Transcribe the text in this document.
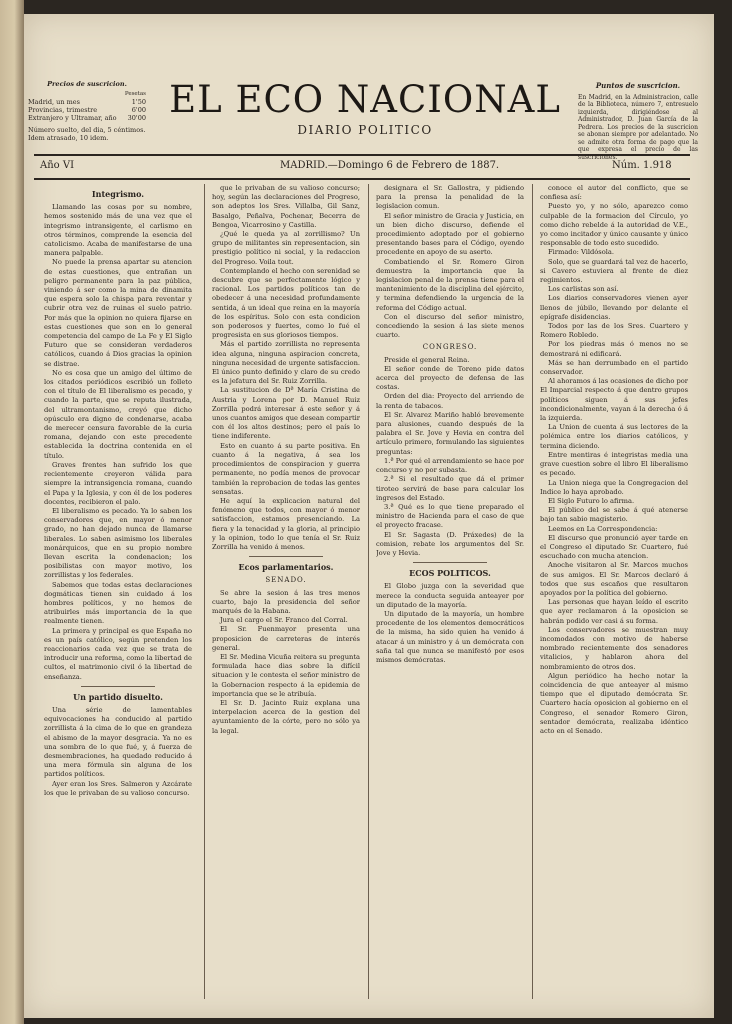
Precios de suscricion.
Pesetas
Madrid, un mes	1'50
Provincias, trimestre	6'00
Extranjero y Ultramar, año 30'00
Número suelto, del dia, 5 céntimos. Idem atrasado, 10 idem.
EL ECO NACIONAL
DIARIO POLITICO
Puntos de suscricion.
En Madrid, en la Administracion, calle de la Biblioteca, número 7, entresuelo izquierda, dirigiéndose al Administrador, D. Juan García de la Pedrera. Los precios de la suscricion se abonan siempre por adelantado. No se admite otra forma de pago que la que expresa el precio de las suscriciones.
Año VI	MADRID.—Domingo 6 de Febrero de 1887.	Núm. 1.918
Integrismo.

Llamando las cosas por su nombre, hemos sostenido más de una vez que el integrismo intransigente, el carlismo en otros términos, comprende la esencia del catolicismo. Acaba de manifestarse de una manera palpable.

No puede la prensa apartar su atencion de estas cuestiones, que entrañan un peligro permanente para la paz pública, viniendo á ser como la mina de dinamita que espera solo la chispa para reventar y cubrir otra vez de ruinas el suelo patrio. Por más que la opinion no quiera fijarse en estas cuestiones que son en lo general competencia del campo de La Fe y El Siglo Futuro que se consideran verdaderos católicos, cuando á Dios gracias la opinion se distrae.

No es cosa que un amigo del último de los citados periódicos escribió un folleto con el título de El liberalismo es pecado, y cuando la parte, que se reputa ilustrada, del ultramontanismo, creyó que dicho opúsculo era digno de condenarse, acaba de merecer censura favorable de la curia romana, dejando con este precedente establecida la doctrina contenida en el título.

Graves frentes han sufrido los que recientemente creyeron válida para siempre la intransigencia romana, cuando el Papa y la Iglesia, y con él de los poderes docentes, recibieron el palo.

El liberalismo es pecado. Ya lo saben los conservadores que, en mayor ó menor grado, no han dejado nunca de llamarse liberales. Lo saben asimismo los liberales monárquicos, que en su propio nombre llevan escrita la condenacion; los posibilistas con mayor motivo, los zorrillistas y los federales.

Sabemos que todas estas declaraciones dogmáticas tienen sin cuidado á los hombres políticos, y no hemos de atribuirles más importancia de la que realmente tienen.

La primera y principal es que España no es un país católico, según pretenden los reaccionarios cada vez que se trata de introducir una reforma, como la libertad de cultos, el matrimonio civil ó la libertad de enseñanza.

Un partido disuelto.

Una série de lamentables equivocaciones ha conducido al partido zorrillista á la cima de lo que en grandeza el abismo de la mayor desgracia. Ya no es una sombra de lo que fué, y, á fuerza de desmembraciones, ha quedado reducido á una mera fórmula sin alguna de los partidos políticos.

Ayer eran los Sres. Salmeron y Azcárate los que le privaban de su valioso concurso.

que le privaban de su valioso concurso; hoy, según las declaraciones del Progreso, son adeptos los Sres. Villalba, Gil Sanz, Basalgo, Peñalva, Pochenar, Becerra de Bengoa, Vicarrosino y Castilla.

¿Qué le queda ya al zorrillismo? Un grupo de militantes sin representacion, sin prestigio político ni social, y la redaccion del Progreso. Voila tout.

Contemplando el hecho con serenidad se descubre que se perfectamente lógico y racional. Los partidos políticos tan de obedecer á una necesidad profundamente sentida, á un ideal que reina en la mayoría de los espíritus. Solo con esta condicion son poderosos y fuertes, como lo fué el progresista en sus gloriosos tiempos.

Más el partido zorrillista no representa idea alguna, ninguna aspiracion concreta, ninguna necesidad de urgente satisfaccion. El único punto definido y claro de su credo es la jefatura del Sr. Ruiz Zorrilla.

La sustitucion de Dª María Cristina de Austria y Lorena por D. Manuel Ruiz Zorrilla podrá interesar á este señor y á unos cuantos amigos que desean compartir con él los altos destinos; pero el país lo tiene indiferente.

Esto en cuanto á su parte positiva. En cuanto á la negativa, á sea los procedimientos de conspiracion y guerra permanente, no podía menos de provocar también la reprobacion de todas las gentes sensatas.

He aquí la explicacion natural del fenómeno que todos, con mayor ó menor satisfaccion, estamos presenciando. La fiera y la tenacidad y la gloria, al principio y la opinion, todo lo que tenía el Sr. Ruiz Zorrilla ha venido á menos.

Ecos parlamentarios.
SENADO.

Se abre la sesion á las tres menos cuarto, bajo la presidencia del señor marqués de la Habana.

Jura el cargo el Sr. Franco del Corral.

El Sr. Fuenmayor presenta una proposicion de carreteras de interés general.

El Sr. Medina Vicuña reitera su pregunta formulada hace dias sobre la difícil situacion y le contesta el señor ministro de la Gobernacion respecto á la epidemia de importancia que se le atribuía.

El Sr. D. Jacinto Ruiz explana una interpelacion acerca de la gestion del ayuntamiento de la córte, pero no sólo ya la legal.

designara el Sr. Gallostra, y pidiendo para la prensa la penalidad de la legislacion comun.

El señor ministro de Gracia y Justicia, en un bien dicho discurso, defiende el procedimiento adoptado por el gobierno presentando bases para el Código, oyendo procedente en apoyo de su aserto.

Combatiendo el Sr. Romero Giron demuestra la importancia que la legislacion penal de la prensa tiene para el mantenimiento de la disciplina del ejército, y termina defendiendo la urgencia de la reforma del Código actual.

Con el discurso del señor ministro, concediendo la sesion á las siete menos cuarto.

CONGRESO.

Preside el general Reina.

El señor conde de Toreno pide datos acerca del proyecto de defensa de las costas.

Orden del dia: Proyecto del arriendo de la renta de tabacos.

El Sr. Alvarez Mariño habló brevemente para alusiones, cuando después de la palabra el Sr. Jove y Hevia en contra del artículo primero, formulando las siguientes preguntas:

1.ª Por qué el arrendamiento se hace por concurso y no por subasta.

2.ª Si el resultado que dá el primer tiroteo servirá de base para calcular los ingresos del Estado.

3.ª Qué es lo que tiene preparado el ministro de Hacienda para el caso de que el proyecto fracase.

El Sr. Sagasta (D. Práxedes) de la comision, rebate los argumentos del Sr. Jove y Hevia.

ECOS POLITICOS.

El Globo juzga con la severidad que merece la conducta seguida anteayer por un diputado de la mayoría.

Un diputado de la mayoría, un hombre procedente de los elementos democráticos de la misma, ha sido quien ha venido á atacar á un ministro y á un demócrata con saña tal que nunca se manifestó por esos mismos demócratas.

conoce el autor del conflicto, que se confiesa así:

Puesto yo, y no sólo, aparezco como culpable de la formacion del Círculo, yo como dicho rebelde á la autoridad de V.E., yo como incitador y único causante y único responsable de todo esto sucedido.

Firmado: Vildósola.

Solo, que se guardará tal vez de hacerlo, si Cavero estuviera al frente de diez regimientos.

Los carlistas son así.

Los diarios conservadores vienen ayer llenos de júbilo, llevando por delante el epígrafe disidencias.

Todos por las de los Sres. Cuartero y Romero Robledo.

Por los piedras más ó menos no se demostrará ni edificará.

Más se han derrumbado en el partido conservador.

Al ahoramos á las ocasiones de dicho por El Imparcial respecto á que dentro grupos políticos siguen á sus jefes incondicionalmente, vayan á la derecha ó á la izquierda.

La Union de cuenta á sus lectores de la polémica entre los diarios católicos, y termina diciendo.

Entre mentiras é integristas media una grave cuestion sobre el libro El liberalismo es pecado.

La Union niega que la Congregacion del Indice lo haya aprobado.

El Siglo Futuro lo afirma.

El público del se sabe á qué atenerse bajo tan sabio magisterio.

Leemos en La Correspondencia:

El discurso que pronunció ayer tarde en el Congreso el diputado Sr. Cuartero, fué escuchado con mucha atencion.

Anoche visitaron al Sr. Marcos muchos de sus amigos. El Sr. Marcos declaró á todos que sus escaños que resultaron apoyados por la política del gobierno.

Las personas que hayan leído el escrito que ayer reclamaron á la oposicion se habrán podido ver casi á su forma.

Los conservadores se muestran muy incomodados con motivo de haberse nombrado recientemente dos senadores vitalicios, y hablaron ahora del nombramiento de otros dos.

Algun periódico ha hecho notar la coincidencia de que anteayer al mismo tiempo que el diputado demócrata Sr. Cuartero hacía oposicion al gobierno en el Congreso, el senador Romero Giron, sentador demócrata, realizaba idéntico acto en el Senado.
